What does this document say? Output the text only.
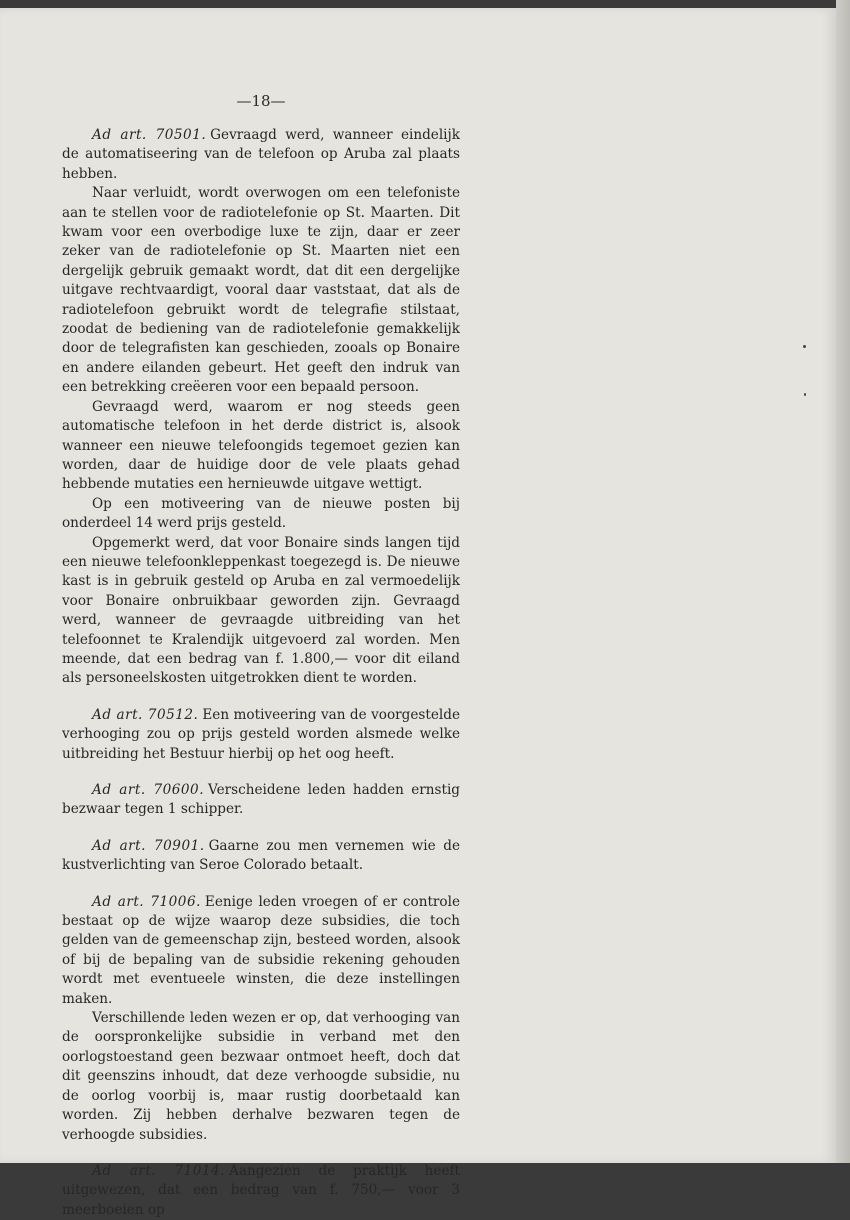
—18—

Ad art. 70501. Gevraagd werd, wanneer eindelijk de automatiseering van de telefoon op Aruba zal plaats hebben.

Naar verluidt, wordt overwogen om een telefoniste aan te stellen voor de radiotelefonie op St. Maarten. Dit kwam voor een overbodige luxe te zijn, daar er zeer zeker van de radiotelefonie op St. Maarten niet een dergelijk gebruik gemaakt wordt, dat dit een dergelijke uitgave rechtvaardigt, vooral daar vaststaat, dat als de radiotelefoon gebruikt wordt de telegrafie stilstaat, zoodat de bediening van de radiotelefonie gemakkelijk door de telegrafisten kan geschieden, zooals op Bonaire en andere eilanden gebeurt. Het geeft den indruk van een betrekking creëeren voor een bepaald persoon.

Gevraagd werd, waarom er nog steeds geen automatische telefoon in het derde district is, alsook wanneer een nieuwe telefoongids tegemoet gezien kan worden, daar de huidige door de vele plaats gehad hebbende mutaties een hernieuwde uitgave wettigt.

Op een motiveering van de nieuwe posten bij onderdeel 14 werd prijs gesteld.

Opgemerkt werd, dat voor Bonaire sinds langen tijd een nieuwe telefoonkleppenkast toegezegd is. De nieuwe kast is in gebruik gesteld op Aruba en zal vermoedelijk voor Bonaire onbruikbaar geworden zijn. Gevraagd werd, wanneer de gevraagde uitbreiding van het telefoonnet te Kralendijk uitgevoerd zal worden. Men meende, dat een bedrag van f. 1.800,— voor dit eiland als personeelskosten uitgetrokken dient te worden.

Ad art. 70512. Een motiveering van de voorgestelde verhooging zou op prijs gesteld worden alsmede welke uitbreiding het Bestuur hierbij op het oog heeft.

Ad art. 70600. Verscheidene leden hadden ernstig bezwaar tegen 1 schipper.

Ad art. 70901. Gaarne zou men vernemen wie de kustverlichting van Seroe Colorado betaalt.

Ad art. 71006. Eenige leden vroegen of er controle bestaat op de wijze waarop deze subsidies, die toch gelden van de gemeenschap zijn, besteed worden, alsook of bij de bepaling van de subsidie rekening gehouden wordt met eventueele winsten, die deze instellingen maken.

Verschillende leden wezen er op, dat verhooging van de oorspronkelijke subsidie in verband met den oorlogstoestand geen bezwaar ontmoet heeft, doch dat dit geenszins inhoudt, dat deze verhoogde subsidie, nu de oorlog voorbij is, maar rustig doorbetaald kan worden. Zij hebben derhalve bezwaren tegen de verhoogde subsidies.

Ad art. 71014. Aangezien de praktijk heeft uitgewezen, dat een bedrag van f. 750,— voor 3 meerboeien op
